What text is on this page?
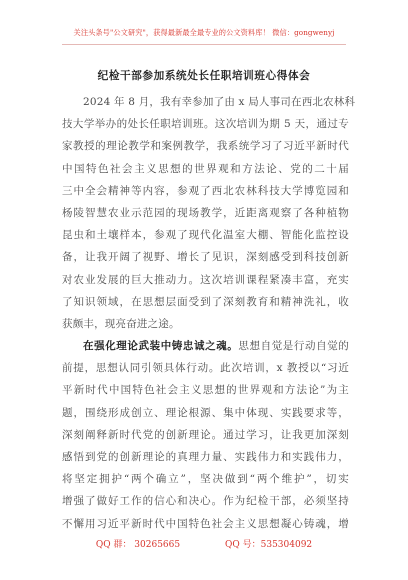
关注头条号"公文研究"，获得最新最全最专业的公文资料库！ 微信：gongwenyj
纪检干部参加系统处长任职培训班心得体会
2024 年 8 月，我有幸参加了由 x 局人事司在西北农林科
技大学举办的处长任职培训班。这次培训为期 5 天，通过专
家教授的理论教学和案例教学，我系统学习了习近平新时代
中国特色社会主义思想的世界观和方法论、党的二十届
三中全会精神等内容，参观了西北农林科技大学博览园和
杨陵智慧农业示范园的现场教学，近距离观察了各种植物
昆虫和土壤样本，参观了现代化温室大棚、智能化监控设
备，让我开阔了视野、增长了见识，深刻感受到科技创新
对农业发展的巨大推动力。这次培训课程紧凑丰富，充实
了知识领域，在思想层面受到了深刻教育和精神洗礼，收
获颇丰，现亮奋进之途。
在强化理论武装中铸忠诚之魂。思想自觉是行动自觉的
前提，思想认同引领具体行动。此次培训，x 教授以“习近
平新时代中国特色社会主义思想的世界观和方法论”为主
题，围绕形成创立、理论根源、集中体现、实践要求等，
深刻阐释新时代党的创新理论。通过学习，让我更加深刻
感悟到党的创新理论的真理力量、实践伟力和实践伟力，
将坚定拥护“两个确立”，坚决做到“两个维护”，切实
增强了做好工作的信心和决心。作为纪检干部，必须坚持
不懈用习近平新时代中国特色社会主义思想凝心铸魂，增
QQ 群： 30265665	QQ 号：535304092
